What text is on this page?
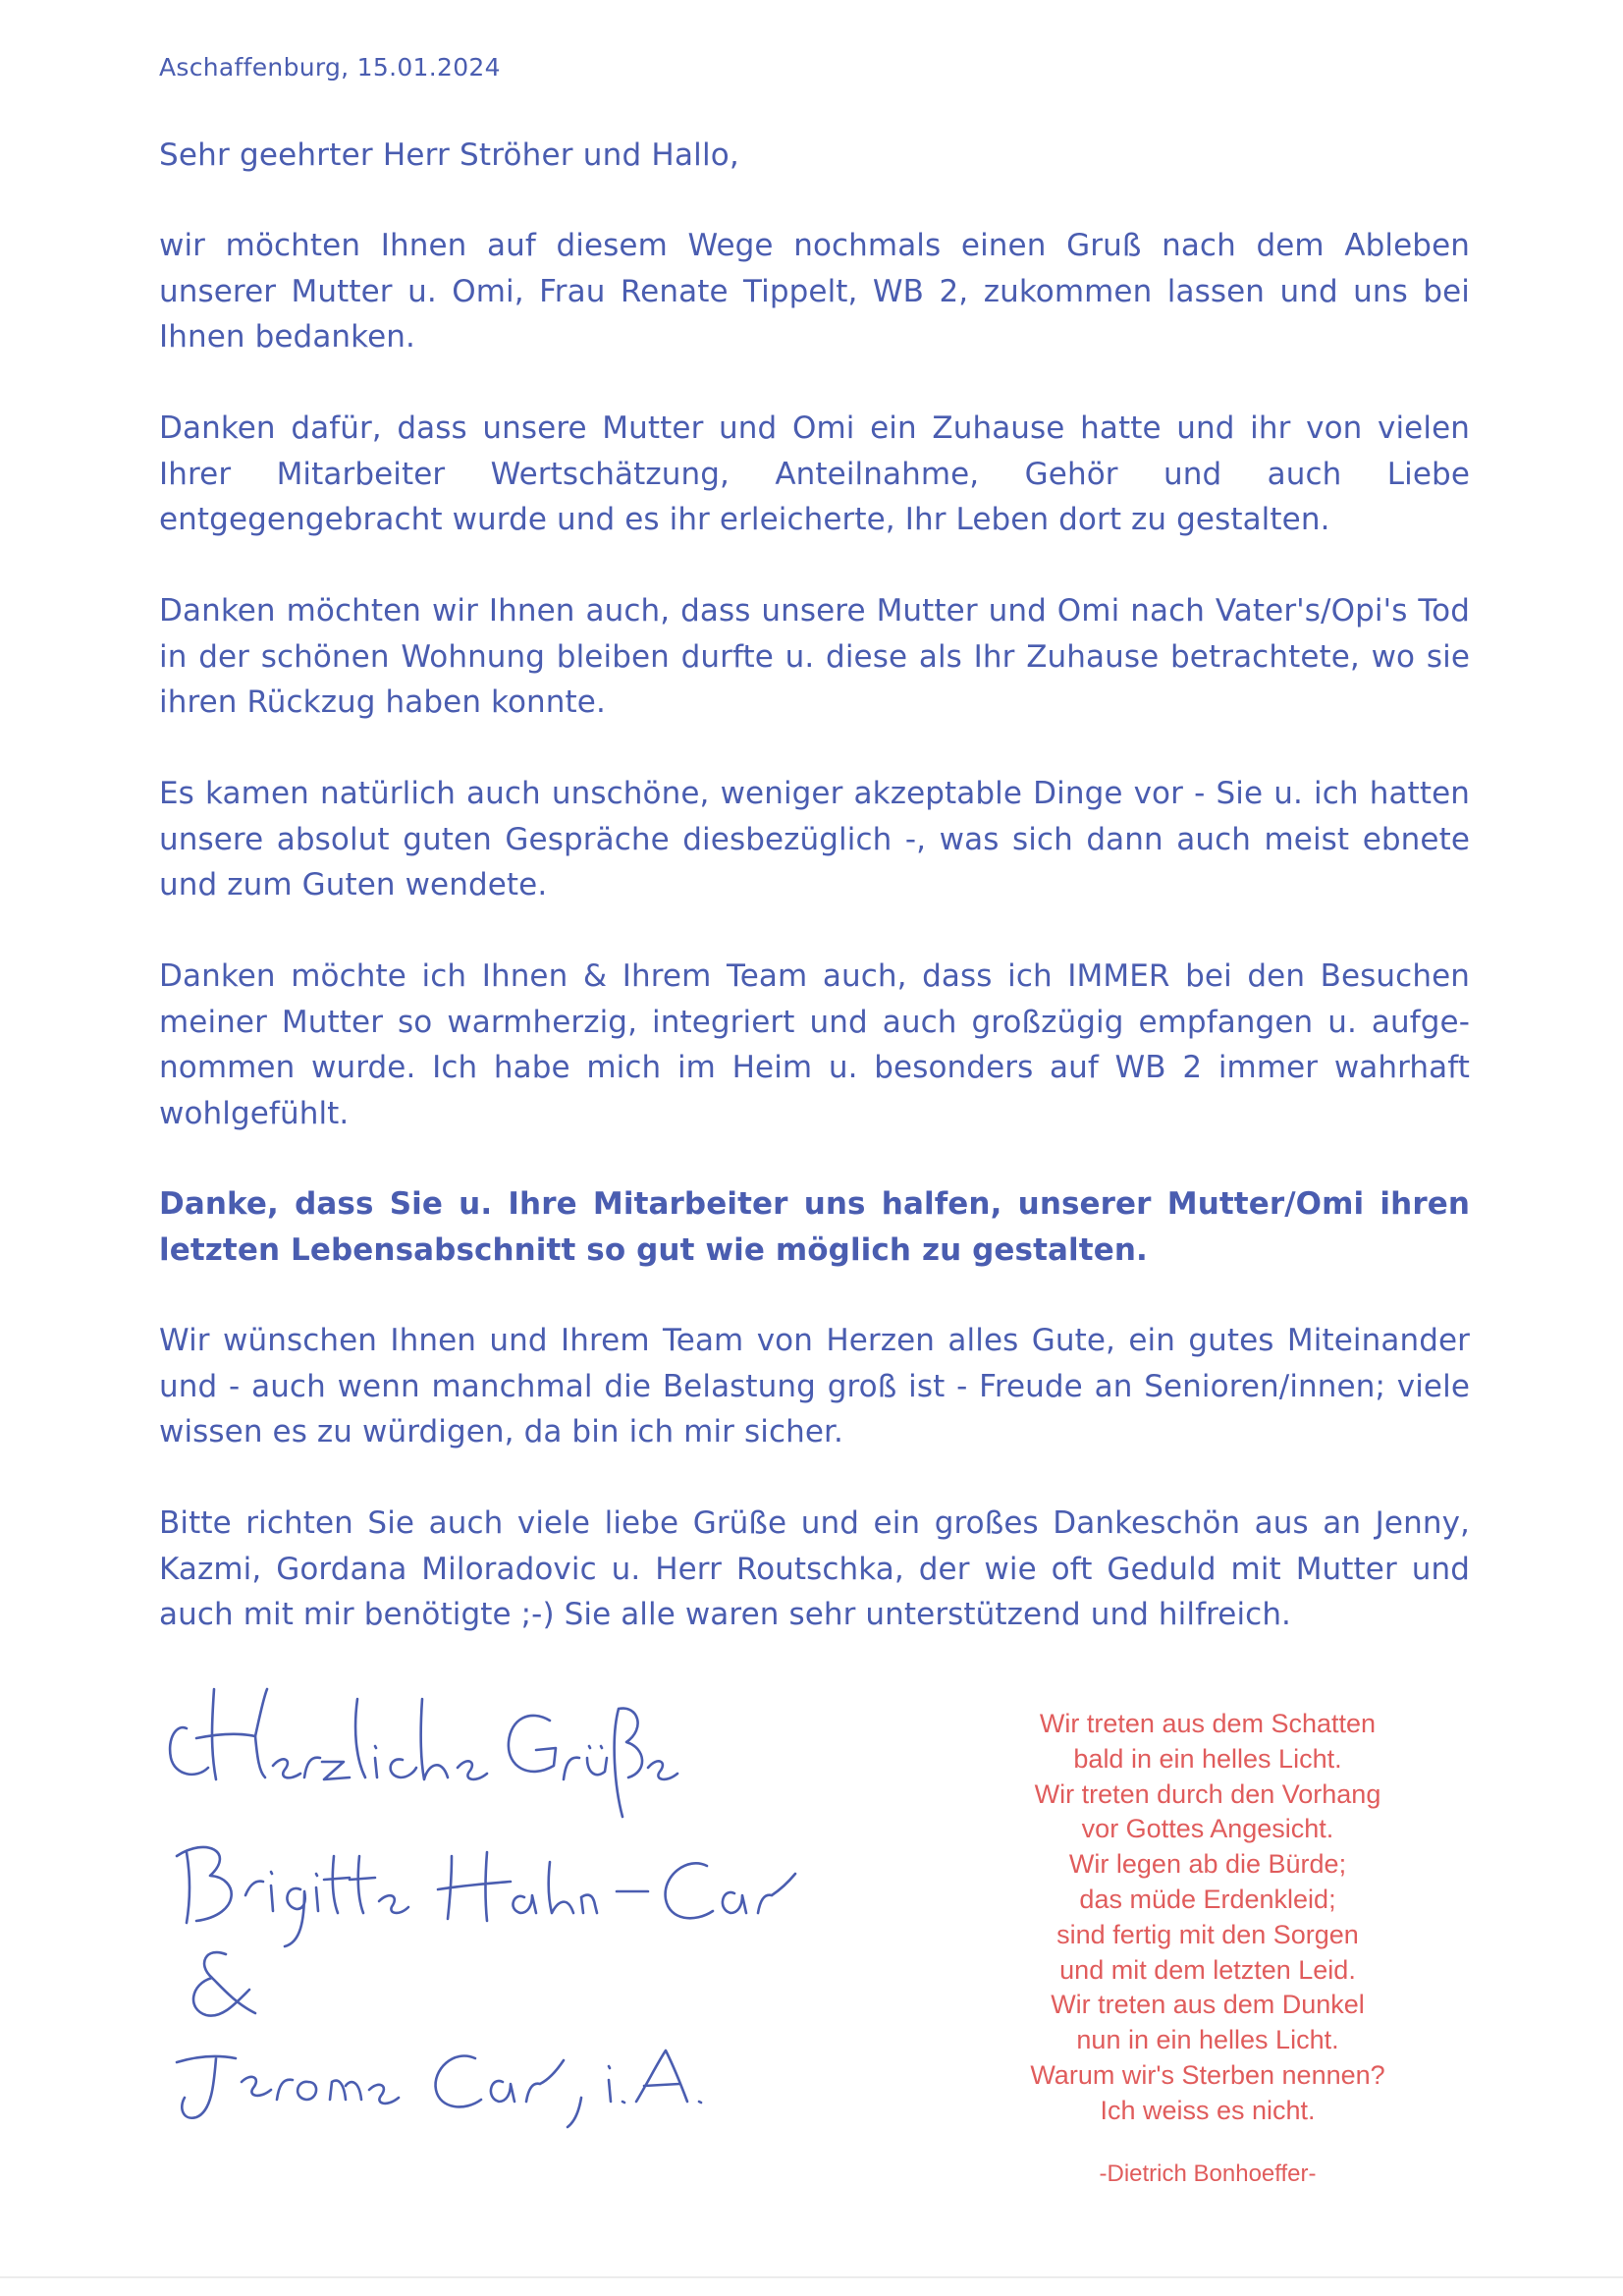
Aschaffenburg, 15.01.2024
Sehr geehrter Herr Ströher und Hallo,

wir möchten Ihnen auf diesem Wege nochmals einen Gruß nach dem Ableben unserer Mutter u. Omi, Frau Renate Tippelt, WB 2, zukommen lassen und uns bei Ihnen bedanken.

Danken dafür, dass unsere Mutter und Omi ein Zuhause hatte und ihr von vielen Ihrer Mitarbeiter Wertschätzung, Anteilnahme, Gehör und auch Liebe entgegengebracht wurde und es ihr erleicherte, Ihr Leben dort zu gestalten.

Danken möchten wir Ihnen auch, dass unsere Mutter und Omi nach Vater's/Opi's Tod in der schönen Wohnung bleiben durfte u. diese als Ihr Zuhause betrachtete, wo sie ihren Rückzug haben konnte.

Es kamen natürlich auch unschöne, weniger akzeptable Dinge vor - Sie u. ich hatten unsere absolut guten Gespräche diesbezüglich -, was sich dann auch meist ebnete und zum Guten wendete.

Danken möchte ich Ihnen & Ihrem Team auch, dass ich IMMER bei den Besuchen meiner Mutter so warmherzig, integriert und auch großzügig empfangen u. aufge-nommen wurde. Ich habe mich im Heim u. besonders auf WB 2 immer wahrhaft wohlgefühlt.

Danke, dass Sie u. Ihre Mitarbeiter uns halfen, unserer Mutter/Omi ihren letzten Lebensabschnitt so gut wie möglich zu gestalten.

Wir wünschen Ihnen und Ihrem Team von Herzen alles Gute, ein gutes Miteinander und - auch wenn manchmal die Belastung groß ist - Freude an Senioren/innen; viele wissen es zu würdigen, da bin ich mir sicher.

Bitte richten Sie auch viele liebe Grüße und ein großes Dankeschön aus an Jenny, Kazmi, Gordana Miloradovic u. Herr Routschka, der wie oft Geduld mit Mutter und auch mit mir benötigte ;-) Sie alle waren sehr unterstützend und hilfreich.

Wir treten aus dem Schatten
bald in ein helles Licht.
Wir treten durch den Vorhang
vor Gottes Angesicht.
Wir legen ab die Bürde;
das müde Erdenkleid;
sind fertig mit den Sorgen
und mit dem letzten Leid.
Wir treten aus dem Dunkel
nun in ein helles Licht.
Warum wir's Sterben nennen?
Ich weiss es nicht.
-Dietrich Bonhoeffer-
